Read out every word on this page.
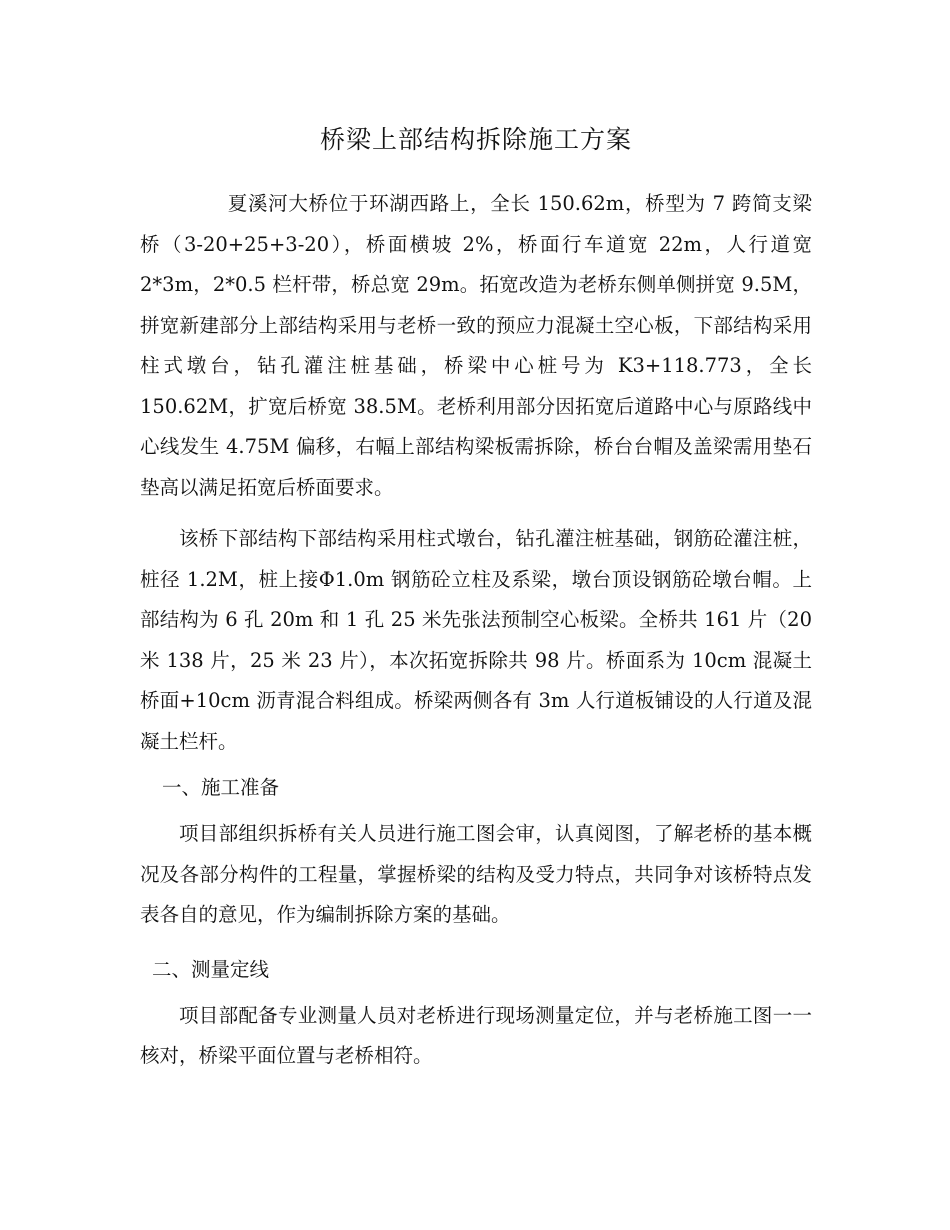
桥梁上部结构拆除施工方案

夏溪河大桥位于环湖西路上，全长 150.62m，桥型为 7 跨简支梁桥（3-20+25+3-20），桥面横坡 2%，桥面行车道宽 22m，人行道宽 2*3m，2*0.5 栏杆带，桥总宽 29m。拓宽改造为老桥东侧单侧拼宽 9.5M，拼宽新建部分上部结构采用与老桥一致的预应力混凝土空心板，下部结构采用柱式墩台，钻孔灌注桩基础，桥梁中心桩号为 K3+118.773，全长150.62M，扩宽后桥宽 38.5M。老桥利用部分因拓宽后道路中心与原路线中心线发生 4.75M 偏移，右幅上部结构梁板需拆除，桥台台帽及盖梁需用垫石垫高以满足拓宽后桥面要求。

该桥下部结构下部结构采用柱式墩台，钻孔灌注桩基础，钢筋砼灌注桩，桩径 1.2M，桩上接Φ1.0m 钢筋砼立柱及系梁，墩台顶设钢筋砼墩台帽。上部结构为 6 孔 20m 和 1 孔 25 米先张法预制空心板梁。全桥共 161 片（20 米 138 片，25 米 23 片），本次拓宽拆除共 98 片。桥面系为 10cm 混凝土桥面+10cm 沥青混合料组成。桥梁两侧各有 3m 人行道板铺设的人行道及混凝土栏杆。

一、施工准备

项目部组织拆桥有关人员进行施工图会审，认真阅图，了解老桥的基本概况及各部分构件的工程量，掌握桥梁的结构及受力特点，共同争对该桥特点发表各自的意见，作为编制拆除方案的基础。

二、测量定线

项目部配备专业测量人员对老桥进行现场测量定位，并与老桥施工图一一核对，桥梁平面位置与老桥相符。
